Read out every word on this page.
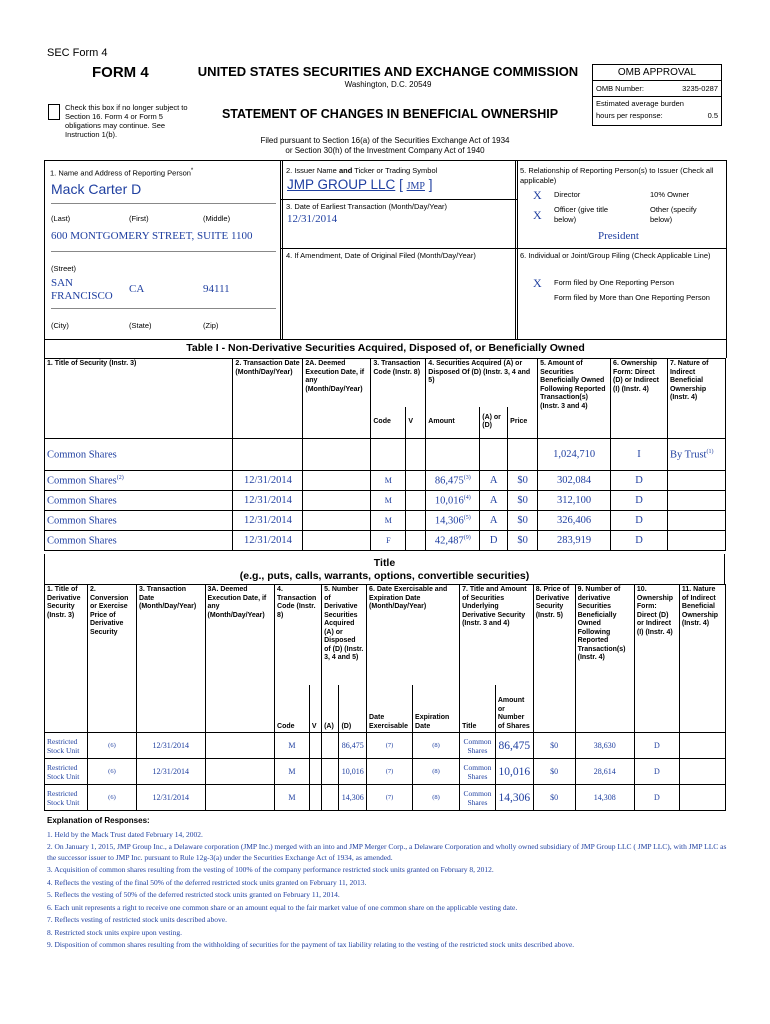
SEC Form 4
FORM 4	UNITED STATES SECURITIES AND EXCHANGE COMMISSION
Washington, D.C. 20549
Check this box if no longer subject to Section 16. Form 4 or Form 5 obligations may continue. See Instruction 1(b).
STATEMENT OF CHANGES IN BENEFICIAL OWNERSHIP
OMB APPROVAL
OMB Number:	3235-0287
Estimated average burden
hours per response:	0.5
Filed pursuant to Section 16(a) of the Securities Exchange Act of 1934
or Section 30(h) of the Investment Company Act of 1940
1. Name and Address of Reporting Person*
Mack Carter D
(Last)	(First)	(Middle)
600 MONTGOMERY STREET, SUITE 1100
(Street)
SAN FRANCISCO
CA	94111
(City)	(State)	(Zip)
2. Issuer Name and Ticker or Trading Symbol
JMP GROUP LLC [ JMP ]
3. Date of Earliest Transaction (Month/Day/Year)
12/31/2014
4. If Amendment, Date of Original Filed (Month/Day/Year)
5. Relationship of Reporting Person(s) to Issuer (Check all applicable)
X Director	10% Owner
X Officer (give title below)
Other (specify below)
President
6. Individual or Joint/Group Filing (Check Applicable Line)
X Form filed by One Reporting Person
Form filed by More than One Reporting Person
Table I - Non-Derivative Securities Acquired, Disposed of, or Beneficially Owned
1. Title of Security (Instr. 3)	2. Transaction Date (Month/Day/Year)	2A. Deemed Execution Date, if any (Month/Day/Year)	3. Transaction Code (Instr. 8)		4. Securities Acquired (A) or Disposed Of (D) (Instr. 3, 4 and 5)			5. Amount of Securities Beneficially Owned Following Reported Transaction(s) (Instr. 3 and 4)	6. Ownership Form: Direct (D) or Indirect (I) (Instr. 4)	7. Nature of Indirect Beneficial Ownership (Instr. 4)
			Code	V	Amount	(A) or (D)	Price			
Common Shares								1,024,710	I	By Trust$^{(1)}$
Common Shares$^{(2)}$	12/31/2014		M		86,475$^{(3)}$	A	$0	302,084	D	
Common Shares	12/31/2014		M		10,016$^{(4)}$	A	$0	312,100	D	
Common Shares	12/31/2014		M		14,306$^{(5)}$	A	$0	326,406	D	
Common Shares	12/31/2014		F		42,487$^{(9)}$	D	$0	283,919	D	
Title
(e.g., puts, calls, warrants, options, convertible securities)
1. Title of Derivative Security (Instr. 3)	2. Conversion or Exercise Price of Derivative Security	3. Transaction Date (Month/Day/Year)	3A. Deemed Execution Date, if any (Month/Day/Year)	4. Transaction Code (Instr. 8)		5. Number of Derivative Securities Acquired (A) or Disposed of (D) (Instr. 3, 4 and 5)		6. Date Exercisable and Expiration Date (Month/Day/Year)		7. Title and Amount of Securities Underlying Derivative Security (Instr. 3 and 4)		8. Price of Derivative Security (Instr. 5)	9. Number of derivative Securities Beneficially Owned Following Reported Transaction(s) (Instr. 4)	10. Ownership Form: Direct (D) or Indirect (I) (Instr. 4)	11. Nature of Indirect Beneficial Ownership (Instr. 4)
				Code	V	(A)	(D)	Date Exercisable	Expiration Date	Title	Amount or Number of Shares				
Restricted Stock Unit	(6)	12/31/2014		M			86,475	(7)	(8)	Common Shares	86,475	$0	38,630	D	
Restricted Stock Unit	(6)	12/31/2014		M			10,016	(7)	(8)	Common Shares	10,016	$0	28,614	D	
Restricted Stock Unit	(6)	12/31/2014		M			14,306	(7)	(8)	Common Shares	14,306	$0	14,308	D	
Explanation of Responses:

1. Held by the Mack Trust dated February 14, 2002.

2. On January 1, 2015, JMP Group Inc., a Delaware corporation (JMP Inc.) merged with an into and JMP Merger Corp., a Delaware Corporation and wholly owned subsidiary of JMP Group LLC ( JMP LLC), with JMP LLC as the successor issuer to JMP Inc. pursuant to Rule 12g-3(a) under the Securities Exchange Act of 1934, as amended.

3. Acquisition of common shares resulting from the vesting of 100% of the company performance restricted stock units granted on February 8, 2012.

4. Reflects the vesting of the final 50% of the deferred restricted stock units granted on February 11, 2013.

5. Reflects the vesting of 50% of the deferred restricted stock units granted on February 11, 2014.

6. Each unit represents a right to receive one common share or an amount equal to the fair market value of one common share on the applicable vesting date.

7. Reflects vesting of restricted stock units described above.

8. Restricted stock units expire upon vesting.

9. Disposition of common shares resulting from the withholding of securities for the payment of tax liability relating to the vesting of the restricted stock units described above.
